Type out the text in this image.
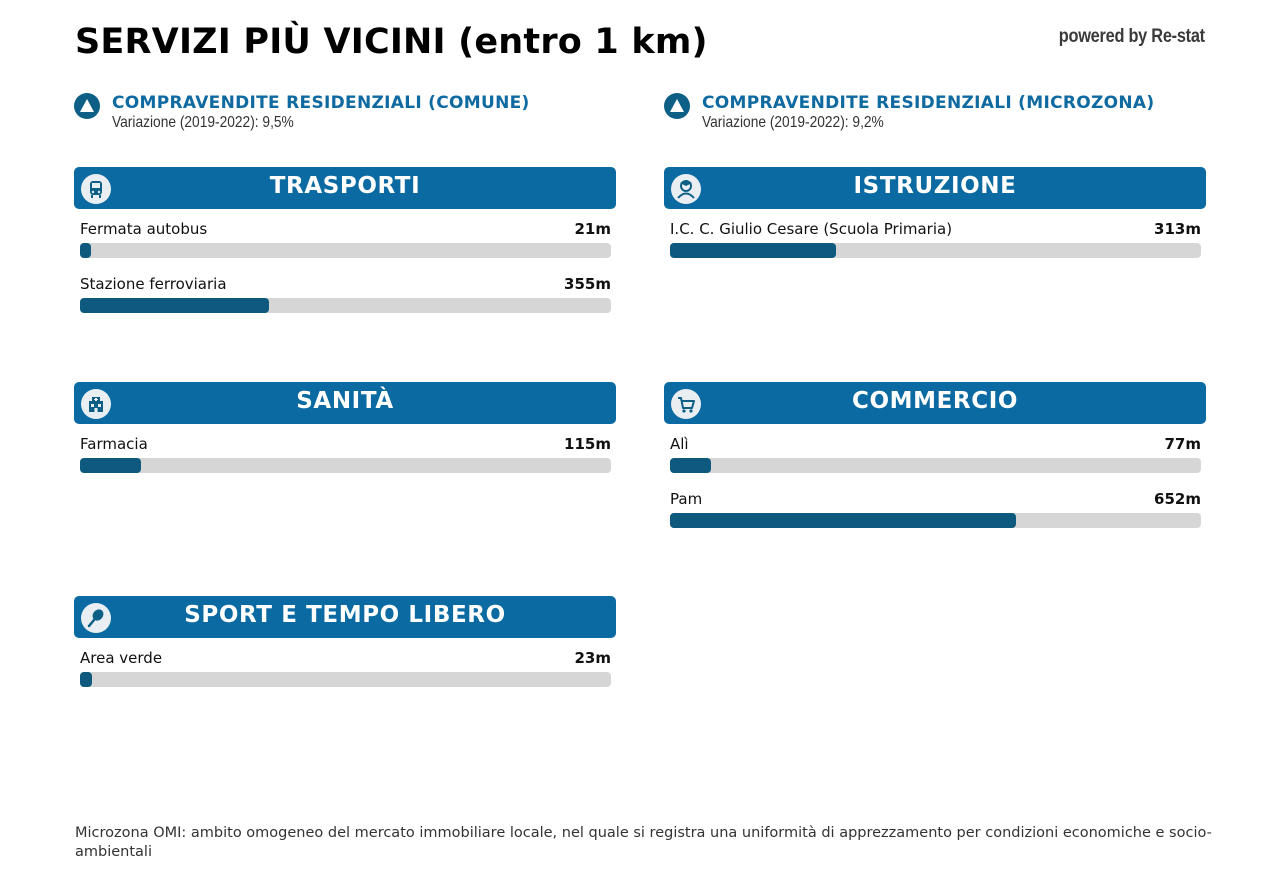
SERVIZI PIÙ VICINI (entro 1 km)	powered by Re-stat
COMPRAVENDITE RESIDENZIALI (COMUNE)
Variazione (2019-2022): 9,5%
COMPRAVENDITE RESIDENZIALI (MICROZONA)
Variazione (2019-2022): 9,2%
TRASPORTI
Fermata autobus	21m
Stazione ferroviaria	355m
ISTRUZIONE
I.C. C. Giulio Cesare (Scuola Primaria)	313m
SANITÀ
Farmacia	115m
COMMERCIO
Alì	77m
Pam	652m
SPORT E TEMPO LIBERO
Area verde	23m
Microzona OMI: ambito omogeneo del mercato immobiliare locale, nel quale si registra una uniformità di apprezzamento per condizioni economiche e socio-ambientali
